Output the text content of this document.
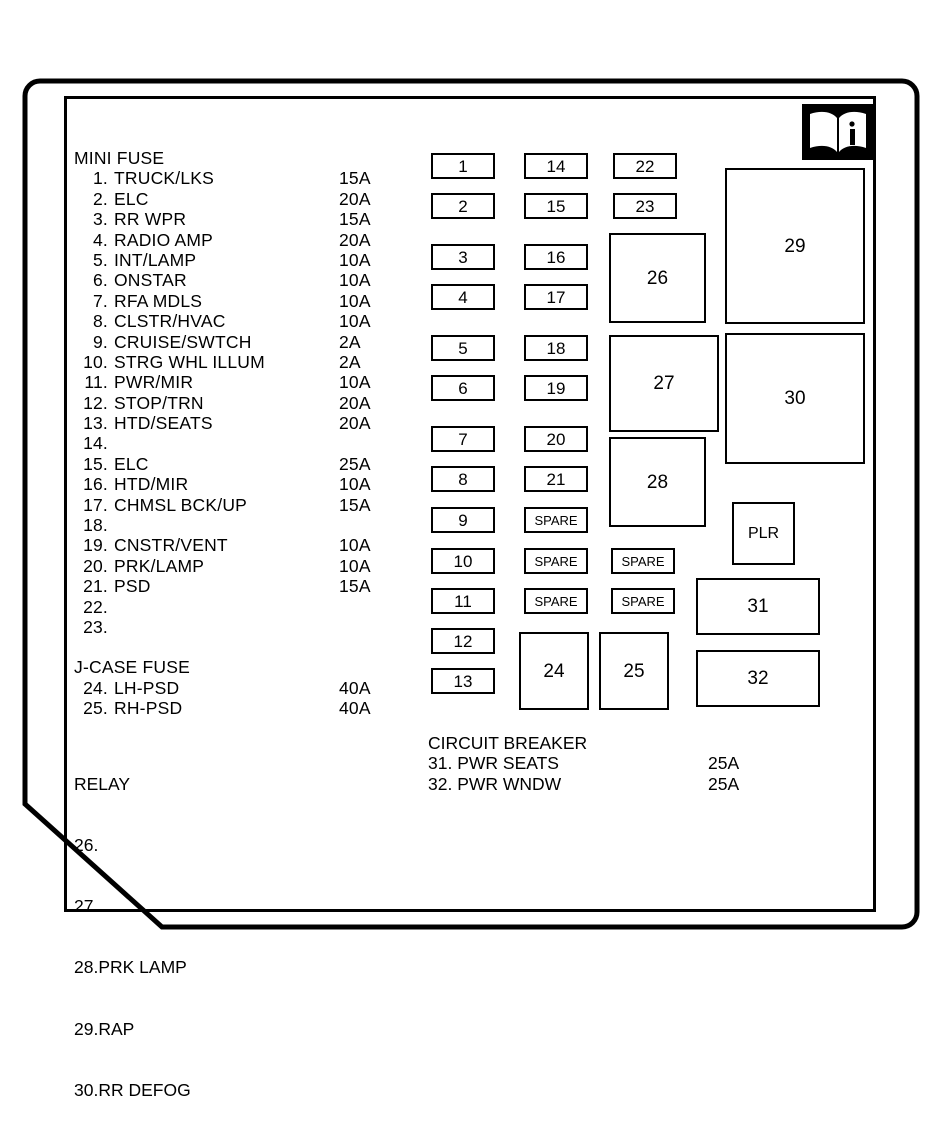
MINI FUSE
1. TRUCK/LKS	15A
2. ELC	20A
3. RR WPR	15A
4. RADIO AMP	20A
5. INT/LAMP	10A
6. ONSTAR	10A
7. RFA MDLS	10A
8. CLSTR/HVAC	10A
9. CRUISE/SWTCH	2A
10. STRG WHL ILLUM	2A
11. PWR/MIR	10A
12. STOP/TRN	20A
13. HTD/SEATS	20A
14.
15. ELC	25A
16. HTD/MIR	10A
17. CHMSL BCK/UP	15A
18.
19. CNSTR/VENT	10A
20. PRK/LAMP	10A
21. PSD	15A
22.
23.
J-CASE FUSE
24. LH-PSD	40A
25. RH-PSD	40A

RELAY

26.

27.

28.PRK LAMP

29.RAP

30.RR DEFOG

CIRCUIT BREAKER
31. PWR SEATS	25A
32. PWR WNDW	25A
1
2
3
4
5
6
7
8
9
10
11
12
13
14
15
16
17
18
19
20
21
SPARE
SPARE
SPARE
22
23
SPARE
SPARE
26
27
28
29
30
PLR
31
32
24	25
